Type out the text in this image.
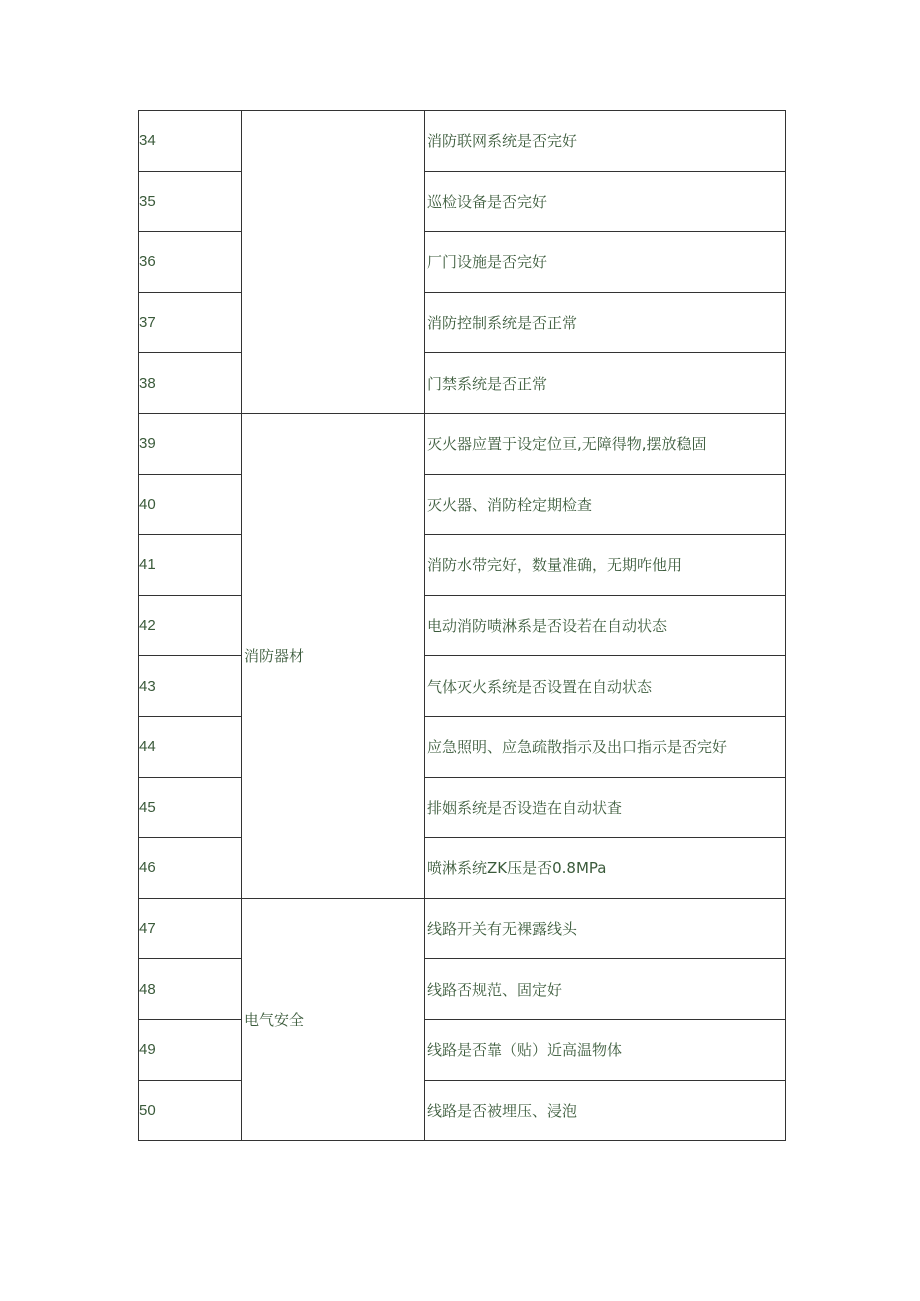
34		消防联网系统是否完好
35		巡检设备是否完好
36		厂门设施是否完好
37		消防控制系统是否正常
38		门禁系统是否正常
39	消防器材	灭火器应置于设定位亘,无障得物,摆放稳固
40		灭火器、消防栓定期检查
41		消防水带完好，数量准确，无期咋他用
42		电动消防啧淋系是否设若在自动状态
43		气体灭火系统是否设置在自动状态
44		应急照明、应急疏散指示及出口指示是否完好
45		排姻系统是否设造在自动状査
46		喷淋系统ZK压是否0.8MPa
47	电气安全	线路开关有无裸露线头
48		线路否规范、固定好
49		线路是否靠（贴）近高温物体
50		线路是否被埋压、浸泡
